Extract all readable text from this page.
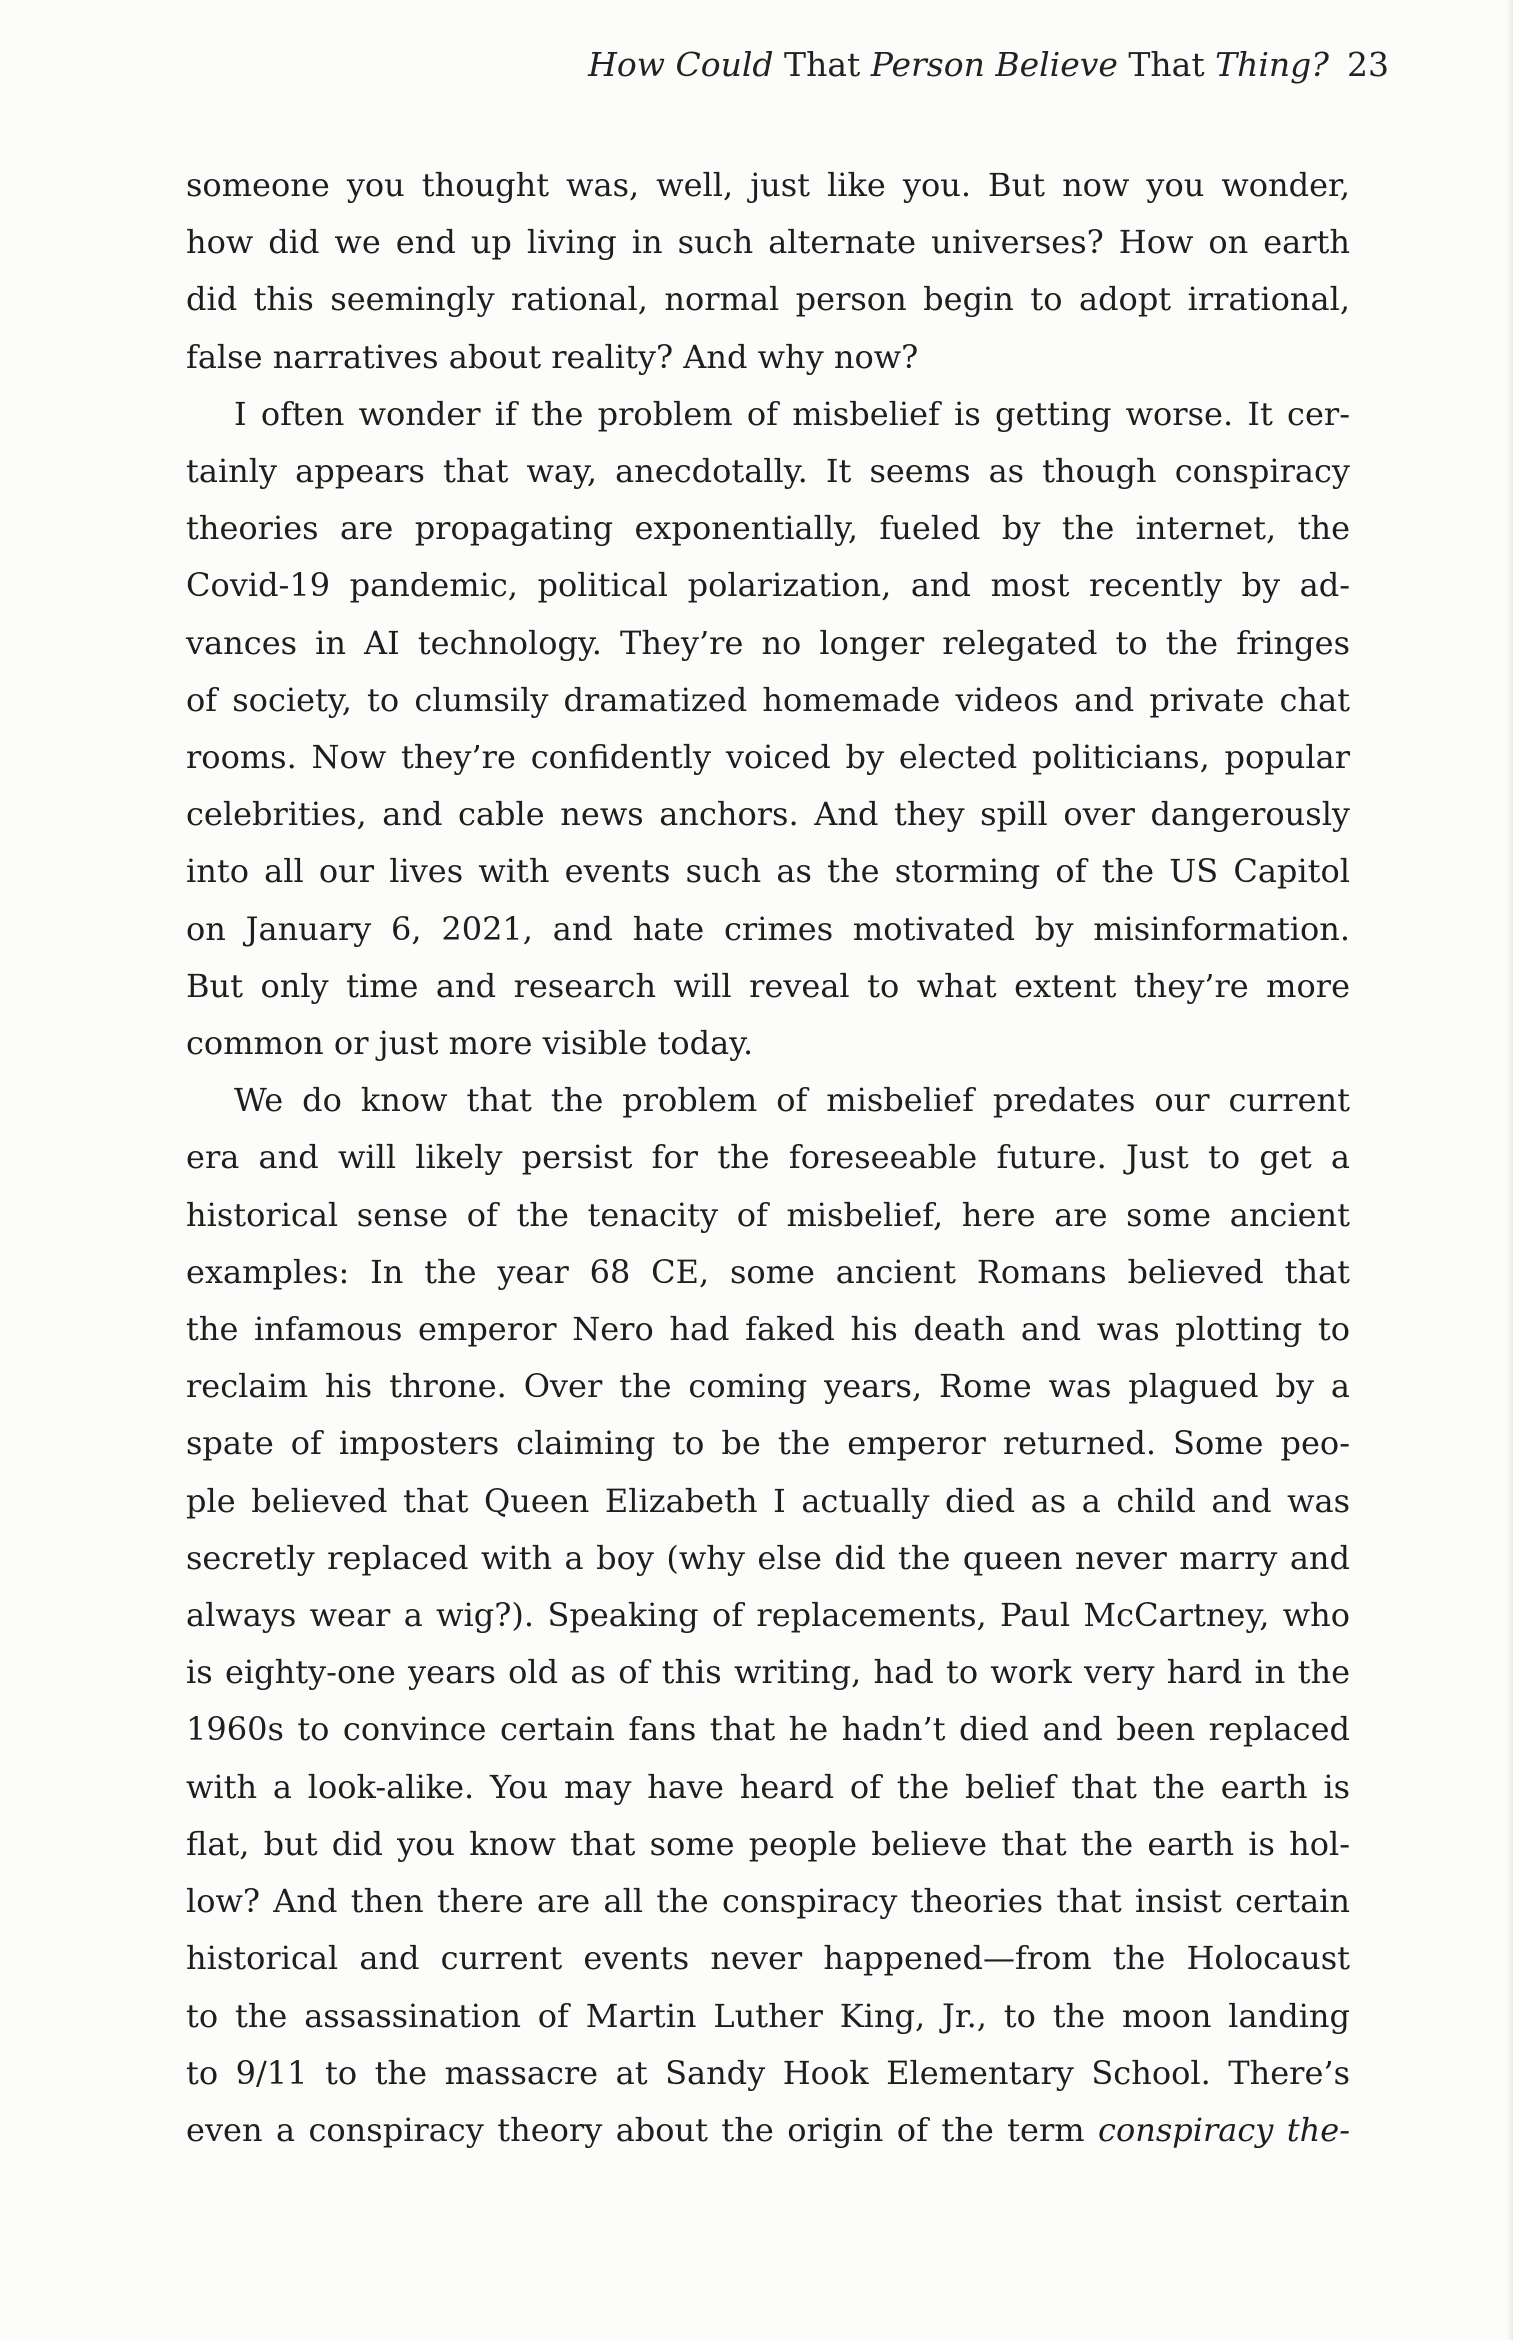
How Could That Person Believe That Thing? 23

someone you thought was, well, just like you. But now you wonder,
how did we end up living in such alternate universes? How on earth
did this seemingly rational, normal person begin to adopt irrational,
false narratives about reality? And why now?

I often wonder if the problem of misbelief is getting worse. It cer-
tainly appears that way, anecdotally. It seems as though conspiracy
theories are propagating exponentially, fueled by the internet, the
Covid-19 pandemic, political polarization, and most recently by ad-
vances in AI technology. They’re no longer relegated to the fringes
of society, to clumsily dramatized homemade videos and private chat
rooms. Now they’re confidently voiced by elected politicians, popular
celebrities, and cable news anchors. And they spill over dangerously
into all our lives with events such as the storming of the US Capitol
on January 6, 2021, and hate crimes motivated by misinformation.
But only time and research will reveal to what extent they’re more
common or just more visible today.

We do know that the problem of misbelief predates our current
era and will likely persist for the foreseeable future. Just to get a
historical sense of the tenacity of misbelief, here are some ancient
examples: In the year 68 CE, some ancient Romans believed that
the infamous emperor Nero had faked his death and was plotting to
reclaim his throne. Over the coming years, Rome was plagued by a
spate of imposters claiming to be the emperor returned. Some peo-
ple believed that Queen Elizabeth I actually died as a child and was
secretly replaced with a boy (why else did the queen never marry and
always wear a wig?). Speaking of replacements, Paul McCartney, who
is eighty-one years old as of this writing, had to work very hard in the
1960s to convince certain fans that he hadn’t died and been replaced
with a look-alike. You may have heard of the belief that the earth is
flat, but did you know that some people believe that the earth is hol-
low? And then there are all the conspiracy theories that insist certain
historical and current events never happened—from the Holocaust
to the assassination of Martin Luther King, Jr., to the moon landing
to 9/11 to the massacre at Sandy Hook Elementary School. There’s
even a conspiracy theory about the origin of the term conspiracy the-
